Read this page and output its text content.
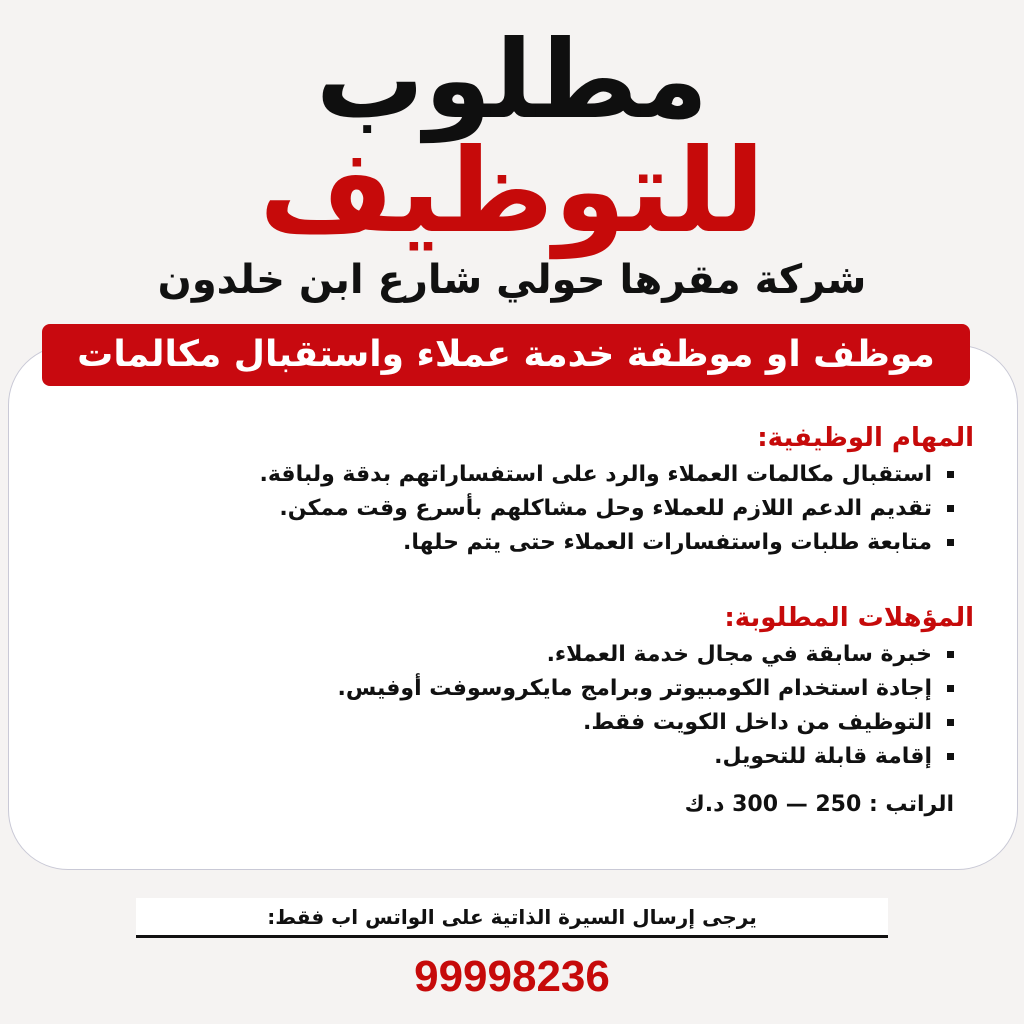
مطلوب
للتوظيف
شركة مقرها حولي شارع ابن خلدون
موظف او موظفة خدمة عملاء واستقبال مكالمات
المهام الوظيفية:
استقبال مكالمات العملاء والرد على استفساراتهم بدقة ولباقة.
تقديم الدعم اللازم للعملاء وحل مشاكلهم بأسرع وقت ممكن.
متابعة طلبات واستفسارات العملاء حتى يتم حلها.
المؤهلات المطلوبة:
خبرة سابقة في مجال خدمة العملاء.
إجادة استخدام الكومبيوتر وبرامج مايكروسوفت أوفيس.
التوظيف من داخل الكويت فقط.
إقامة قابلة للتحويل.
الراتب : 250 — 300 د.ك
يرجى إرسال السيرة الذاتية على الواتس اب فقط:
99998236
